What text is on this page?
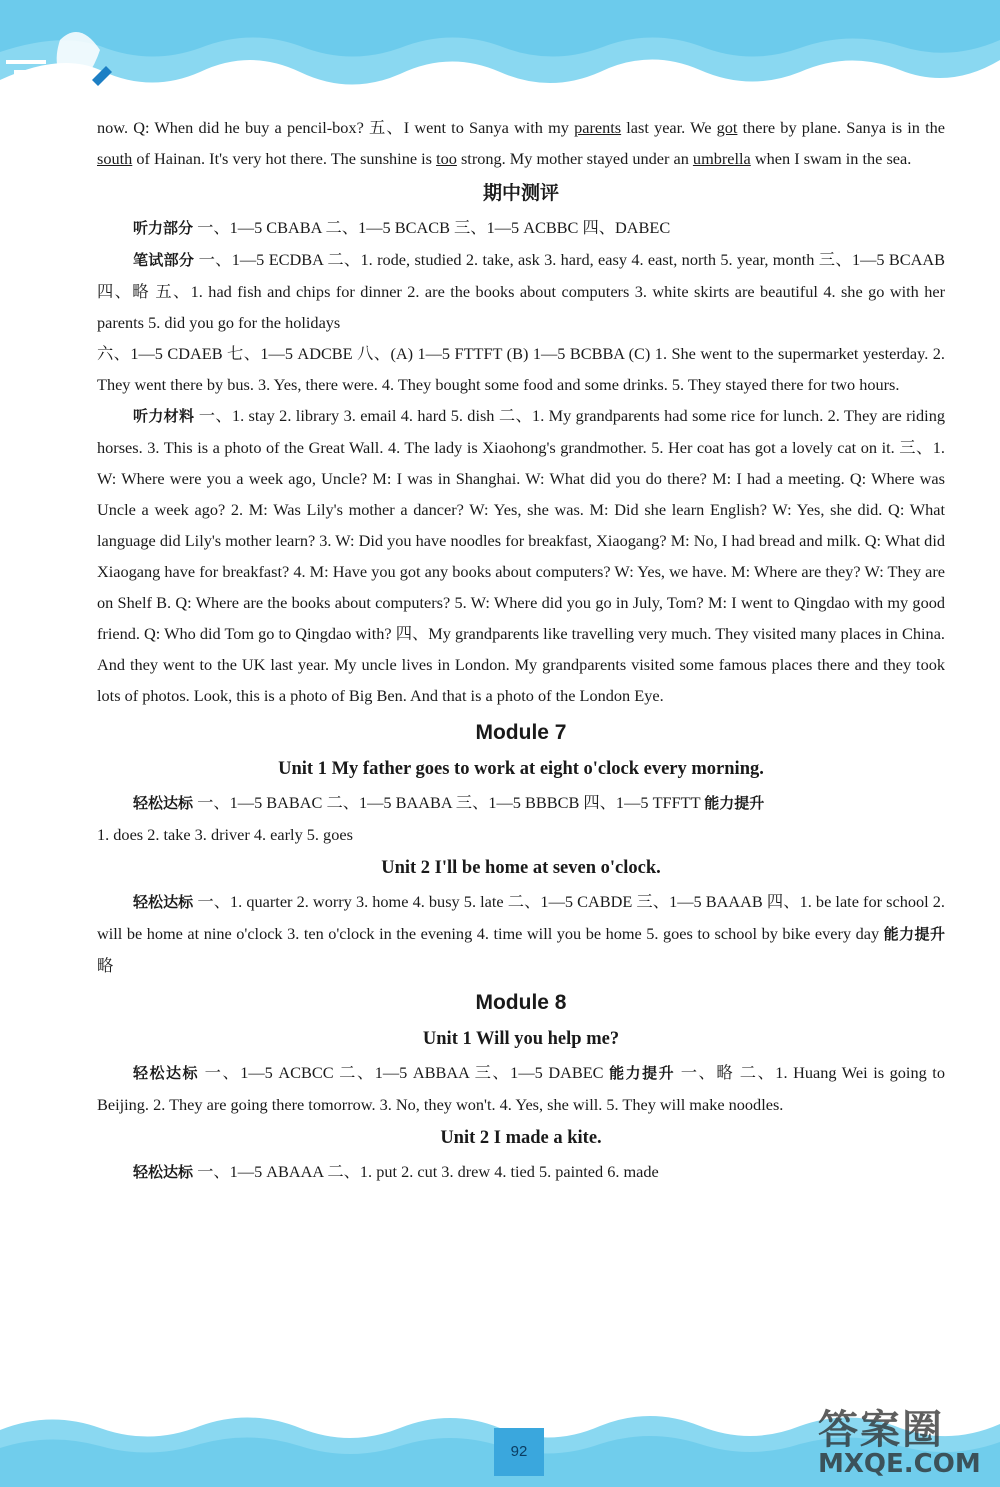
now. Q: When did he buy a pencil-box? 五、I went to Sanya with my parents last year. We got there by plane. Sanya is in the south of Hainan. It's very hot there. The sunshine is too strong. My mother stayed under an umbrella when I swam in the sea.

期中测评

听力部分 一、1—5 CBABA 二、1—5 BCACB 三、1—5 ACBBC 四、DABEC

笔试部分 一、1—5 ECDBA 二、1. rode, studied 2. take, ask 3. hard, easy 4. east, north 5. year, month 三、1—5 BCAAB 四、略 五、1. had fish and chips for dinner 2. are the books about computers 3. white skirts are beautiful 4. she go with her parents 5. did you go for the holidays

六、1—5 CDAEB 七、1—5 ADCBE 八、(A) 1—5 FTTFT (B) 1—5 BCBBA (C) 1. She went to the supermarket yesterday. 2. They went there by bus. 3. Yes, there were. 4. They bought some food and some drinks. 5. They stayed there for two hours.

听力材料 一、1. stay 2. library 3. email 4. hard 5. dish 二、1. My grandparents had some rice for lunch. 2. They are riding horses. 3. This is a photo of the Great Wall. 4. The lady is Xiaohong's grandmother. 5. Her coat has got a lovely cat on it. 三、1. W: Where were you a week ago, Uncle? M: I was in Shanghai. W: What did you do there? M: I had a meeting. Q: Where was Uncle a week ago? 2. M: Was Lily's mother a dancer? W: Yes, she was. M: Did she learn English? W: Yes, she did. Q: What language did Lily's mother learn? 3. W: Did you have noodles for breakfast, Xiaogang? M: No, I had bread and milk. Q: What did Xiaogang have for breakfast? 4. M: Have you got any books about computers? W: Yes, we have. M: Where are they? W: They are on Shelf B. Q: Where are the books about computers? 5. W: Where did you go in July, Tom? M: I went to Qingdao with my good friend. Q: Who did Tom go to Qingdao with? 四、My grandparents like travelling very much. They visited many places in China. And they went to the UK last year. My uncle lives in London. My grandparents visited some famous places there and they took lots of photos. Look, this is a photo of Big Ben. And that is a photo of the London Eye.

Module 7
Unit 1 My father goes to work at eight o'clock every morning.

轻松达标 一、1—5 BABAC 二、1—5 BAABA 三、1—5 BBBCB 四、1—5 TFFTT 能力提升

1. does 2. take 3. driver 4. early 5. goes

Unit 2 I'll be home at seven o'clock.

轻松达标 一、1. quarter 2. worry 3. home 4. busy 5. late 二、1—5 CABDE 三、1—5 BAAAB 四、1. be late for school 2. will be home at nine o'clock 3. ten o'clock in the evening 4. time will you be home 5. goes to school by bike every day 能力提升 略

Module 8
Unit 1 Will you help me?

轻松达标 一、1—5 ACBCC 二、1—5 ABBAA 三、1—5 DABEC 能力提升 一、略 二、1. Huang Wei is going to Beijing. 2. They are going there tomorrow. 3. No, they won't. 4. Yes, she will. 5. They will make noodles.

Unit 2 I made a kite.

轻松达标 一、1—5 ABAAA 二、1. put 2. cut 3. drew 4. tied 5. painted 6. made

92	答案圈
MXQE.COM
